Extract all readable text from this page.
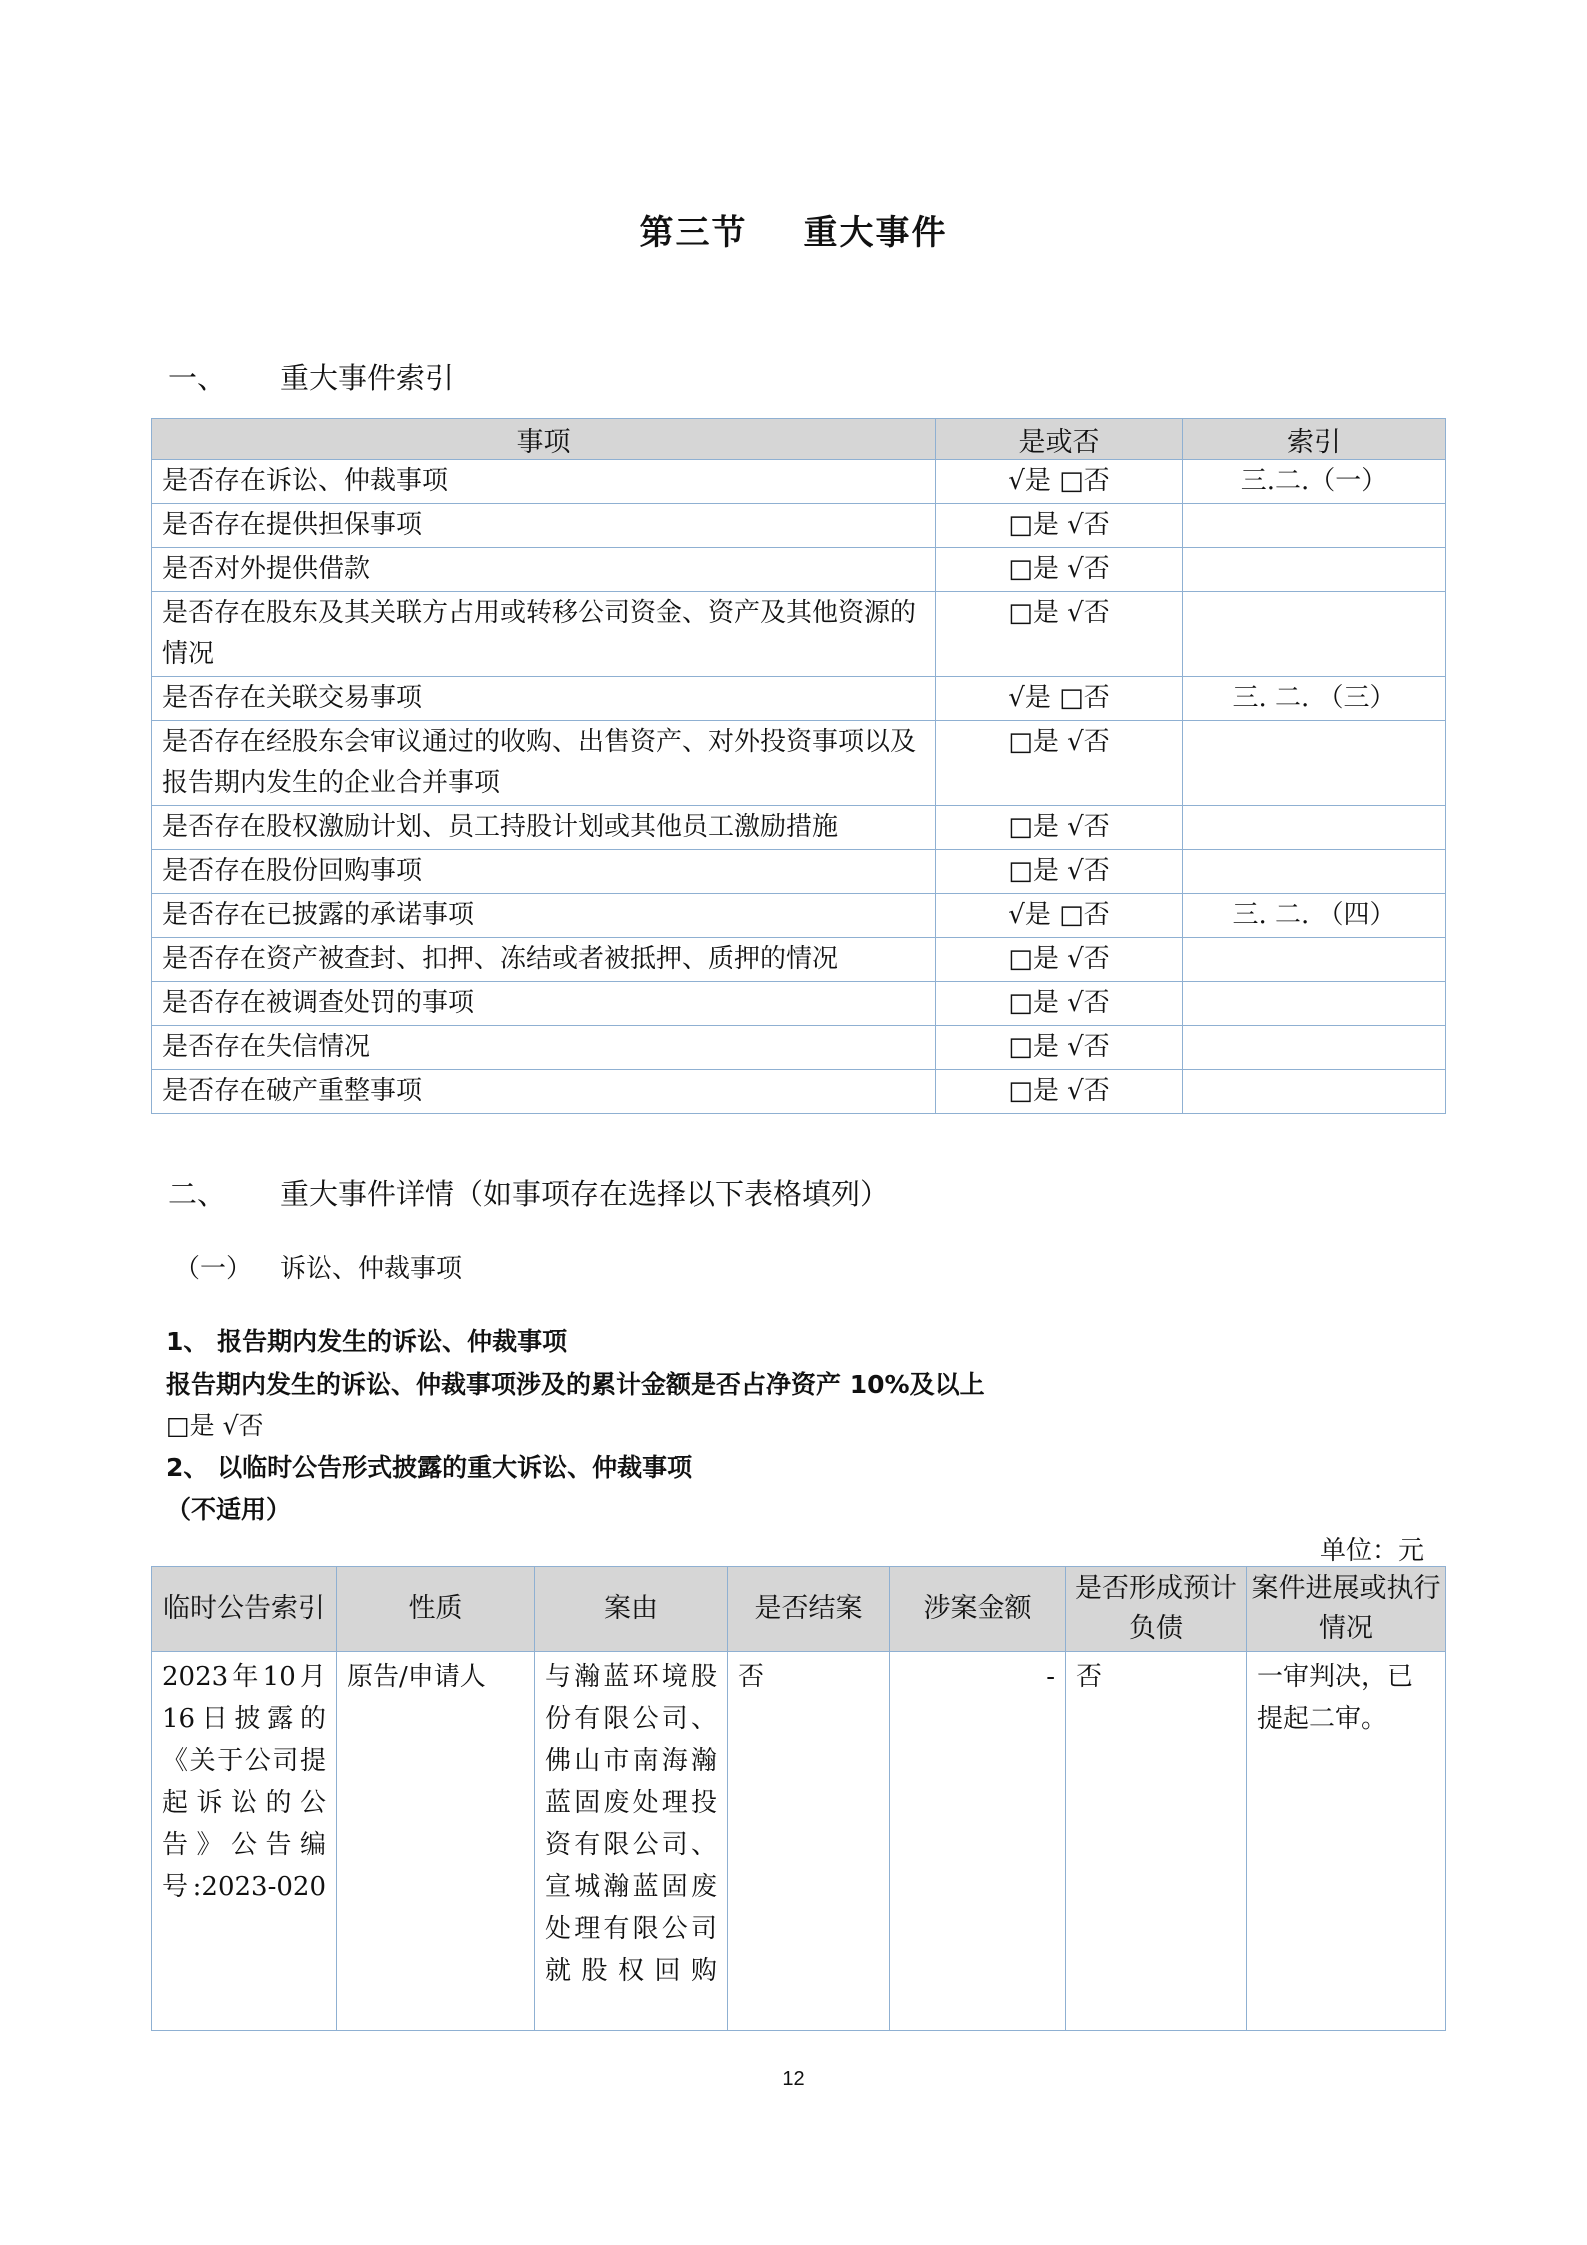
第三节 重大事件
一、 重大事件索引
事项	是或否	索引
是否存在诉讼、仲裁事项	√是 □否	三.二.（一）
是否存在提供担保事项	□是 √否	
是否对外提供借款	□是 √否	
是否存在股东及其关联方占用或转移公司资金、资产及其他资源的情况	□是 √否	
是否存在关联交易事项	√是 □否	三. 二. （三）
是否存在经股东会审议通过的收购、出售资产、对外投资事项以及报告期内发生的企业合并事项	□是 √否	
是否存在股权激励计划、员工持股计划或其他员工激励措施	□是 √否	
是否存在股份回购事项	□是 √否	
是否存在已披露的承诺事项	√是 □否	三. 二. （四）
是否存在资产被查封、扣押、冻结或者被抵押、质押的情况	□是 √否	
是否存在被调查处罚的事项	□是 √否	
是否存在失信情况	□是 √否	
是否存在破产重整事项	□是 √否	
二、 重大事件详情（如事项存在选择以下表格填列）
（一） 诉讼、仲裁事项
1、 报告期内发生的诉讼、仲裁事项
报告期内发生的诉讼、仲裁事项涉及的累计金额是否占净资产 10%及以上
□是 √否
2、 以临时公告形式披露的重大诉讼、仲裁事项
（不适用）
单位：元
临时公告索引	性质	案由	是否结案	涉案金额	是否形成预计负债	案件进展或执行情况
2023年10月16日披露的《关于公司提起诉讼的公告》公告编号:2023-020	原告/申请人	与瀚蓝环境股份有限公司、佛山市南海瀚蓝固废处理投资有限公司、宣城瀚蓝固废处理有限公司就股权回购	否	-	否	一审判决，已提起二审。
12
